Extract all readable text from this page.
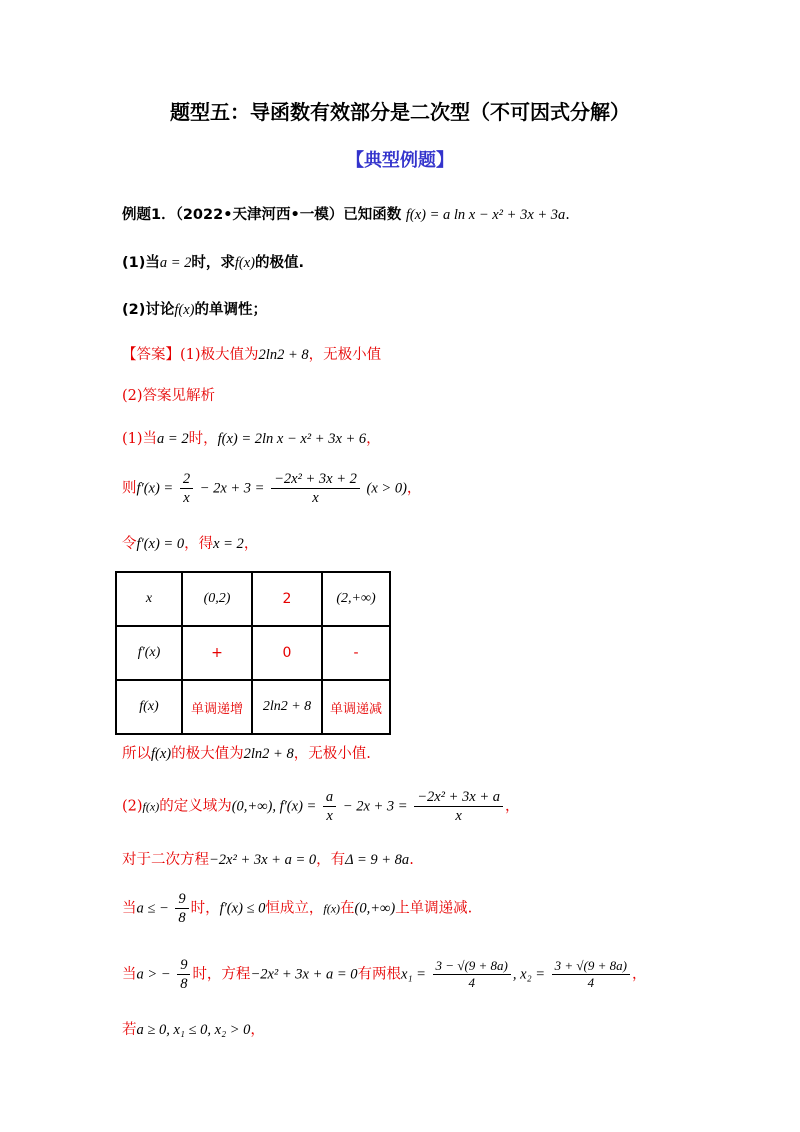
题型五：导函数有效部分是二次型（不可因式分解）
【典型例题】
例题1．（2022•天津河西•一模）已知函数 f(x) = a ln x − x² + 3x + 3a.
(1)当a = 2时，求f(x)的极值.
(2)讨论f(x)的单调性；
【答案】(1)极大值为2ln2 + 8，无极小值
(2)答案见解析
(1)当a = 2时，f(x) = 2ln x − x² + 3x + 6，
则$f'(x) = \frac{2}{x} - 2x + 3 = \frac{\text{−2x² + 3x + 2}}{x} (x > 0)$，
令f′(x) = 0，得x = 2，
x	(0,2)	2	(2,+∞)
f′(x)	+	0	-
f(x)	单调递增	2ln2 + 8	单调递减
所以f(x)的极大值为2ln2 + 8，无极小值.
(2)f(x)的定义域为(0,+∞), $f'(x) = \frac{a}{x} - 2x + 3 = \frac{\text{−2x² + 3x + a}}{x}$ ，
对于二次方程−2x² + 3x + a = 0，有Δ = 9 + 8a.
当a ≤ − $\frac{9}{8}$ 时，f′(x) ≤ 0恒成立，f(x)在(0,+∞)上单调递减.
当a > − $\frac{9}{8}$ 时，方程−2x² + 3x + a = 0有两根$x_1 = \frac{3 - √(9 + 8a)}{4}$ , $x_2 = \frac{3 + √(9 + 8a)}{4}$ ，
若a ≥ 0, x₁ ≤ 0, x₂ > 0，
